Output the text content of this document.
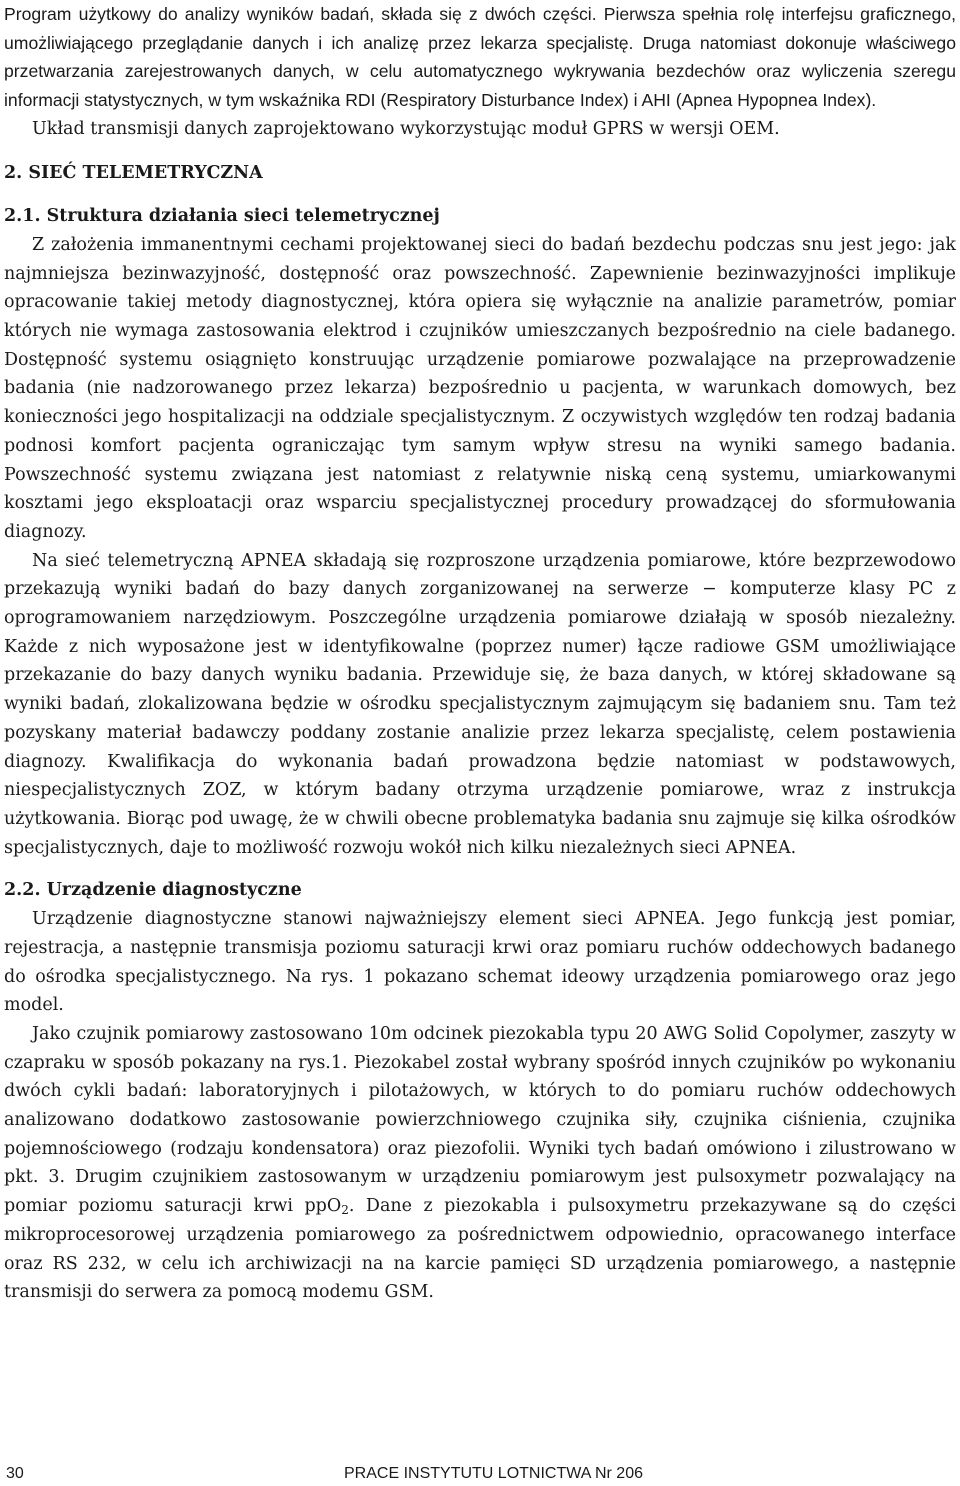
Program użytkowy do analizy wyników badań, składa się z dwóch części. Pierwsza spełnia rolę interfejsu graficznego, umożliwiającego przeglądanie danych i ich analizę przez lekarza specjalistę. Druga natomiast dokonuje właściwego przetwarzania zarejestrowanych danych, w celu automatycznego wykrywania bezdechów oraz wyliczenia szeregu informacji statystycznych, w tym wskaźnika RDI (Respiratory Disturbance Index) i AHI (Apnea Hypopnea Index).

Układ transmisji danych zaprojektowano wykorzystując moduł GPRS w wersji OEM.

2. SIEĆ TELEMETRYCZNA
2.1. Struktura działania sieci telemetrycznej

Z założenia immanentnymi cechami projektowanej sieci do badań bezdechu podczas snu jest jego: jak najmniejsza bezinwazyjność, dostępność oraz powszechność. Zapewnienie bezinwazyjności implikuje opracowanie takiej metody diagnostycznej, która opiera się wyłącznie na analizie parametrów, pomiar których nie wymaga zastosowania elektrod i czujników umieszczanych bezpośrednio na ciele badanego. Dostępność systemu osiągnięto konstruując urządzenie pomiarowe pozwalające na przeprowadzenie badania (nie nadzorowanego przez lekarza) bezpośrednio u pacjenta, w warunkach domowych, bez konieczności jego hospitalizacji na oddziale specjalistycznym. Z oczywistych względów ten rodzaj badania podnosi komfort pacjenta ograniczając tym samym wpływ stresu na wyniki samego badania. Powszechność systemu związana jest natomiast z relatywnie niską ceną systemu, umiarkowanymi kosztami jego eksploatacji oraz wsparciu specjalistycznej procedury prowadzącej do sformułowania diagnozy.

Na sieć telemetryczną APNEA składają się rozproszone urządzenia pomiarowe, które bezprzewodowo przekazują wyniki badań do bazy danych zorganizowanej na serwerze − komputerze klasy PC z oprogramowaniem narzędziowym. Poszczególne urządzenia pomiarowe działają w sposób niezależny. Każde z nich wyposażone jest w identyfikowalne (poprzez numer) łącze radiowe GSM umożliwiające przekazanie do bazy danych wyniku badania. Przewiduje się, że baza danych, w której składowane są wyniki badań, zlokalizowana będzie w ośrodku specjalistycznym zajmującym się badaniem snu. Tam też pozyskany materiał badawczy poddany zostanie analizie przez lekarza specjalistę, celem postawienia diagnozy. Kwalifikacja do wykonania badań prowadzona będzie natomiast w podstawowych, niespecjalistycznych ZOZ, w którym badany otrzyma urządzenie pomiarowe, wraz z instrukcja użytkowania. Biorąc pod uwagę, że w chwili obecne problematyka badania snu zajmuje się kilka ośrodków specjalistycznych, daje to możliwość rozwoju wokół nich kilku niezależnych sieci APNEA.

2.2. Urządzenie diagnostyczne

Urządzenie diagnostyczne stanowi najważniejszy element sieci APNEA. Jego funkcją jest pomiar, rejestracja, a następnie transmisja poziomu saturacji krwi oraz pomiaru ruchów oddechowych badanego do ośrodka specjalistycznego. Na rys. 1 pokazano schemat ideowy urządzenia pomiarowego oraz jego model.

Jako czujnik pomiarowy zastosowano 10m odcinek piezokabla typu 20 AWG Solid Copolymer, zaszyty w czapraku w sposób pokazany na rys.1. Piezokabel został wybrany spośród innych czujników po wykonaniu dwóch cykli badań: laboratoryjnych i pilotażowych, w których to do pomiaru ruchów oddechowych analizowano dodatkowo zastosowanie powierzchniowego czujnika siły, czujnika ciśnienia, czujnika pojemnościowego (rodzaju kondensatora) oraz piezofolii. Wyniki tych badań omówiono i zilustrowano w pkt. 3. Drugim czujnikiem zastosowanym w urządzeniu pomiarowym jest pulsoxymetr pozwalający na pomiar poziomu saturacji krwi ppO$_2$. Dane z piezokabla i pulsoxymetru przekazywane są do części mikroprocesorowej urządzenia pomiarowego za pośrednictwem odpowiednio, opracowanego interface oraz RS 232, w celu ich archiwizacji na na karcie pamięci SD urządzenia pomiarowego, a następnie transmisji do serwera za pomocą modemu GSM.

30	PRACE INSTYTUTU LOTNICTWA Nr 206
